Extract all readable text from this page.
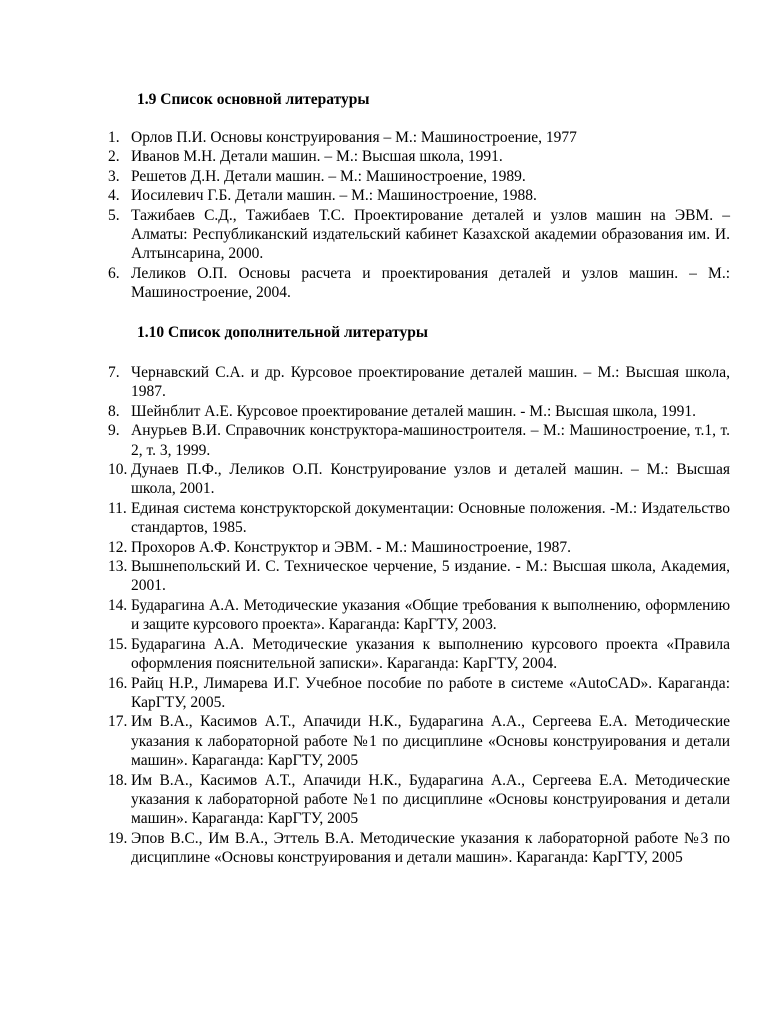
1.9 Список основной литературы
1. Орлов П.И. Основы конструирования – М.: Машиностроение, 1977
2. Иванов М.Н. Детали машин. – М.: Высшая школа, 1991.
3. Решетов Д.Н. Детали машин. – М.: Машиностроение, 1989.
4. Иосилевич Г.Б. Детали машин. – М.: Машиностроение, 1988.
5. Тажибаев С.Д., Тажибаев Т.С. Проектирование деталей и узлов машин на ЭВМ. – Алматы: Республиканский издательский кабинет Казахской академии образования им. И. Алтынсарина, 2000.
6. Леликов О.П. Основы расчета и проектирования деталей и узлов машин. – М.: Машиностроение, 2004.
1.10 Список дополнительной литературы
7. Чернавский С.А. и др. Курсовое проектирование деталей машин. – М.: Высшая школа, 1987.
8. Шейнблит А.Е. Курсовое проектирование деталей машин. - М.: Высшая школа, 1991.
9. Анурьев В.И. Справочник конструктора-машиностроителя. – М.: Машиностроение, т.1, т. 2, т. 3, 1999.
10. Дунаев П.Ф., Леликов О.П. Конструирование узлов и деталей машин. – М.: Высшая школа, 2001.
11. Единая система конструкторской документации: Основные положения. -М.: Издательство стандартов, 1985.
12. Прохоров А.Ф. Конструктор и ЭВМ. - М.: Машиностроение, 1987.
13. Вышнепольский И. С. Техническое черчение, 5 издание. - М.: Высшая школа, Академия, 2001.
14. Бударагина А.А. Методические указания «Общие требования к выполнению, оформлению и защите курсового проекта». Караганда: КарГТУ, 2003.
15. Бударагина А.А. Методические указания к выполнению курсового проекта «Правила оформления пояснительной записки». Караганда: КарГТУ, 2004.
16. Райц Н.Р., Лимарева И.Г. Учебное пособие по работе в системе «AutoCAD». Караганда: КарГТУ, 2005.
17. Им В.А., Касимов А.Т., Апачиди Н.К., Бударагина А.А., Сергеева Е.А. Методические указания к лабораторной работе №1 по дисциплине «Основы конструирования и детали машин». Караганда: КарГТУ, 2005
18. Им В.А., Касимов А.Т., Апачиди Н.К., Бударагина А.А., Сергеева Е.А. Методические указания к лабораторной работе №1 по дисциплине «Основы конструирования и детали машин». Караганда: КарГТУ, 2005
19. Эпов В.С., Им В.А., Эттель В.А. Методические указания к лабораторной работе №3 по дисциплине «Основы конструирования и детали машин». Караганда: КарГТУ, 2005
